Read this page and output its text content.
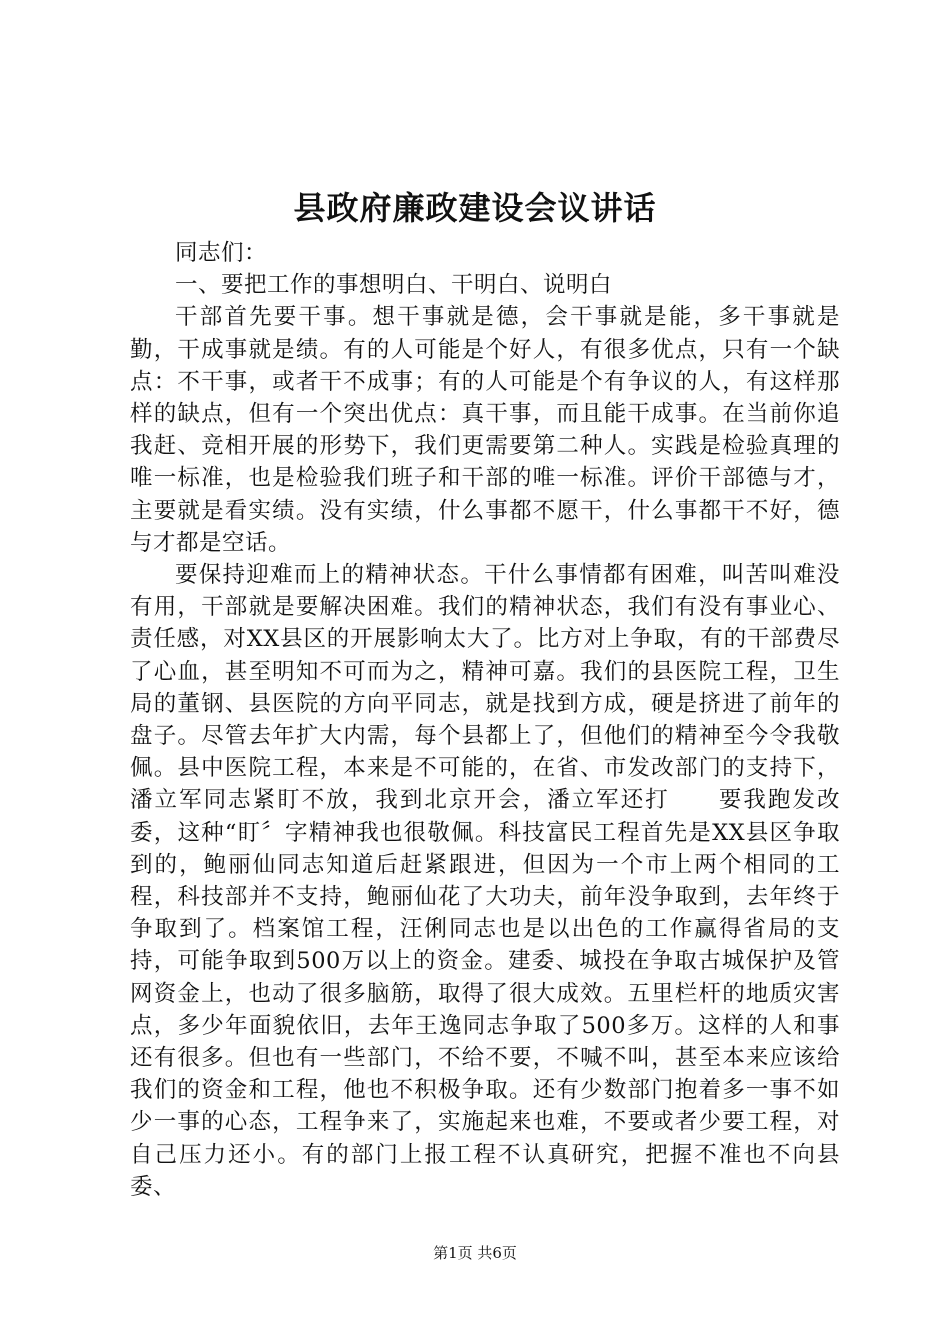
县政府廉政建设会议讲话

同志们：

一、要把工作的事想明白、干明白、说明白

干部首先要干事。想干事就是德，会干事就是能，多干事就是勤，干成事就是绩。有的人可能是个好人，有很多优点，只有一个缺点：不干事，或者干不成事；有的人可能是个有争议的人，有这样那样的缺点，但有一个突出优点：真干事，而且能干成事。在当前你追我赶、竞相开展的形势下，我们更需要第二种人。实践是检验真理的唯一标准，也是检验我们班子和干部的唯一标准。评价干部德与才，主要就是看实绩。没有实绩，什么事都不愿干，什么事都干不好，德与才都是空话。

要保持迎难而上的精神状态。干什么事情都有困难，叫苦叫难没有用，干部就是要解决困难。我们的精神状态，我们有没有事业心、责任感，对XX县区的开展影响太大了。比方对上争取，有的干部费尽了心血，甚至明知不可而为之，精神可嘉。我们的县医院工程，卫生局的董钢、县医院的方向平同志，就是找到方成，硬是挤进了前年的盘子。尽管去年扩大内需，每个县都上了，但他们的精神至今令我敬佩。县中医院工程，本来是不可能的，在省、市发改部门的支持下，潘立军同志紧盯不放，我到北京开会，潘立军还打　　要我跑发改委，这种“盯〞字精神我也很敬佩。科技富民工程首先是XX县区争取到的，鲍丽仙同志知道后赶紧跟进，但因为一个市上两个相同的工程，科技部并不支持，鲍丽仙花了大功夫，前年没争取到，去年终于争取到了。档案馆工程，汪俐同志也是以出色的工作赢得省局的支持，可能争取到500万以上的资金。建委、城投在争取古城保护及管网资金上，也动了很多脑筋，取得了很大成效。五里栏杆的地质灾害点，多少年面貌依旧，去年王逸同志争取了500多万。这样的人和事还有很多。但也有一些部门，不给不要，不喊不叫，甚至本来应该给我们的资金和工程，他也不积极争取。还有少数部门抱着多一事不如少一事的心态，工程争来了，实施起来也难，不要或者少要工程，对自己压力还小。有的部门上报工程不认真研究，把握不准也不向县委、

第1页 共6页
